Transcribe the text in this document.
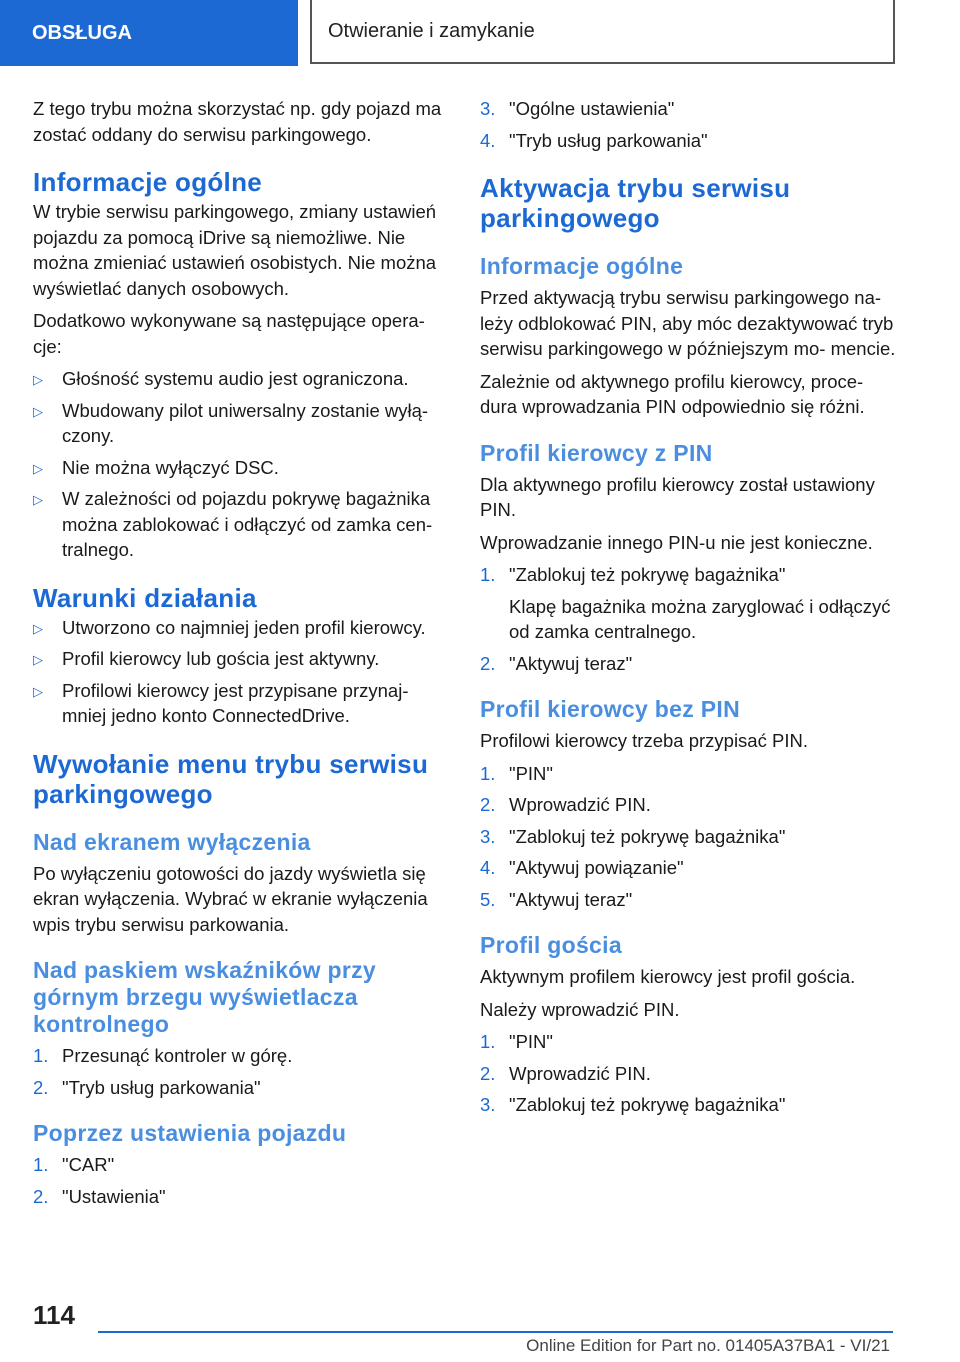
OBSŁUGA	Otwieranie i zamykanie

Z tego trybu można skorzystać np. gdy pojazd ma zostać oddany do serwisu parkingowego.

Informacje ogólne

W trybie serwisu parkingowego, zmiany ustawień pojazdu za pomocą iDrive są niemożliwe. Nie można zmieniać ustawień osobistych. Nie można wyświetlać danych osobowych.

Dodatkowo wykonywane są następujące opera- cje:

▷ Głośność systemu audio jest ograniczona.
▷ Wbudowany pilot uniwersalny zostanie wyłą- czony.
▷ Nie można wyłączyć DSC.
▷ W zależności od pojazdu pokrywę bagażnika można zablokować i odłączyć od zamka cen- tralnego.
Warunki działania
▷ Utworzono co najmniej jeden profil kierowcy.
▷ Profil kierowcy lub gościa jest aktywny.
▷ Profilowi kierowcy jest przypisane przynaj- mniej jedno konto ConnectedDrive.
Wywołanie menu trybu serwisu parkingowego
Nad ekranem wyłączenia

Po wyłączeniu gotowości do jazdy wyświetla się ekran wyłączenia. Wybrać w ekranie wyłączenia wpis trybu serwisu parkowania.

Nad paskiem wskaźników przy górnym brzegu wyświetlacza kontrolnego
1. Przesunąć kontroler w górę.
2. "Tryb usług parkowania"
Poprzez ustawienia pojazdu
1. "CAR"
2. "Ustawienia"
3. "Ogólne ustawienia"
4. "Tryb usług parkowania"
Aktywacja trybu serwisu parkingowego
Informacje ogólne

Przed aktywacją trybu serwisu parkingowego na- leży odblokować PIN, aby móc dezaktywować tryb serwisu parkingowego w późniejszym mo- mencie.

Zależnie od aktywnego profilu kierowcy, proce- dura wprowadzania PIN odpowiednio się różni.

Profil kierowcy z PIN

Dla aktywnego profilu kierowcy został ustawiony PIN.

Wprowadzanie innego PIN-u nie jest konieczne.

1. "Zablokuj też pokrywę bagażnika"

Klapę bagażnika można zaryglować i odłączyć od zamka centralnego.

2. "Aktywuj teraz"
Profil kierowcy bez PIN

Profilowi kierowcy trzeba przypisać PIN.

1. "PIN"
2. Wprowadzić PIN.
3. "Zablokuj też pokrywę bagażnika"
4. "Aktywuj powiązanie"
5. "Aktywuj teraz"
Profil gościa

Aktywnym profilem kierowcy jest profil gościa.

Należy wprowadzić PIN.

1. "PIN"
2. Wprowadzić PIN.
3. "Zablokuj też pokrywę bagażnika"
114
Online Edition for Part no. 01405A37BA1 - VI/21
